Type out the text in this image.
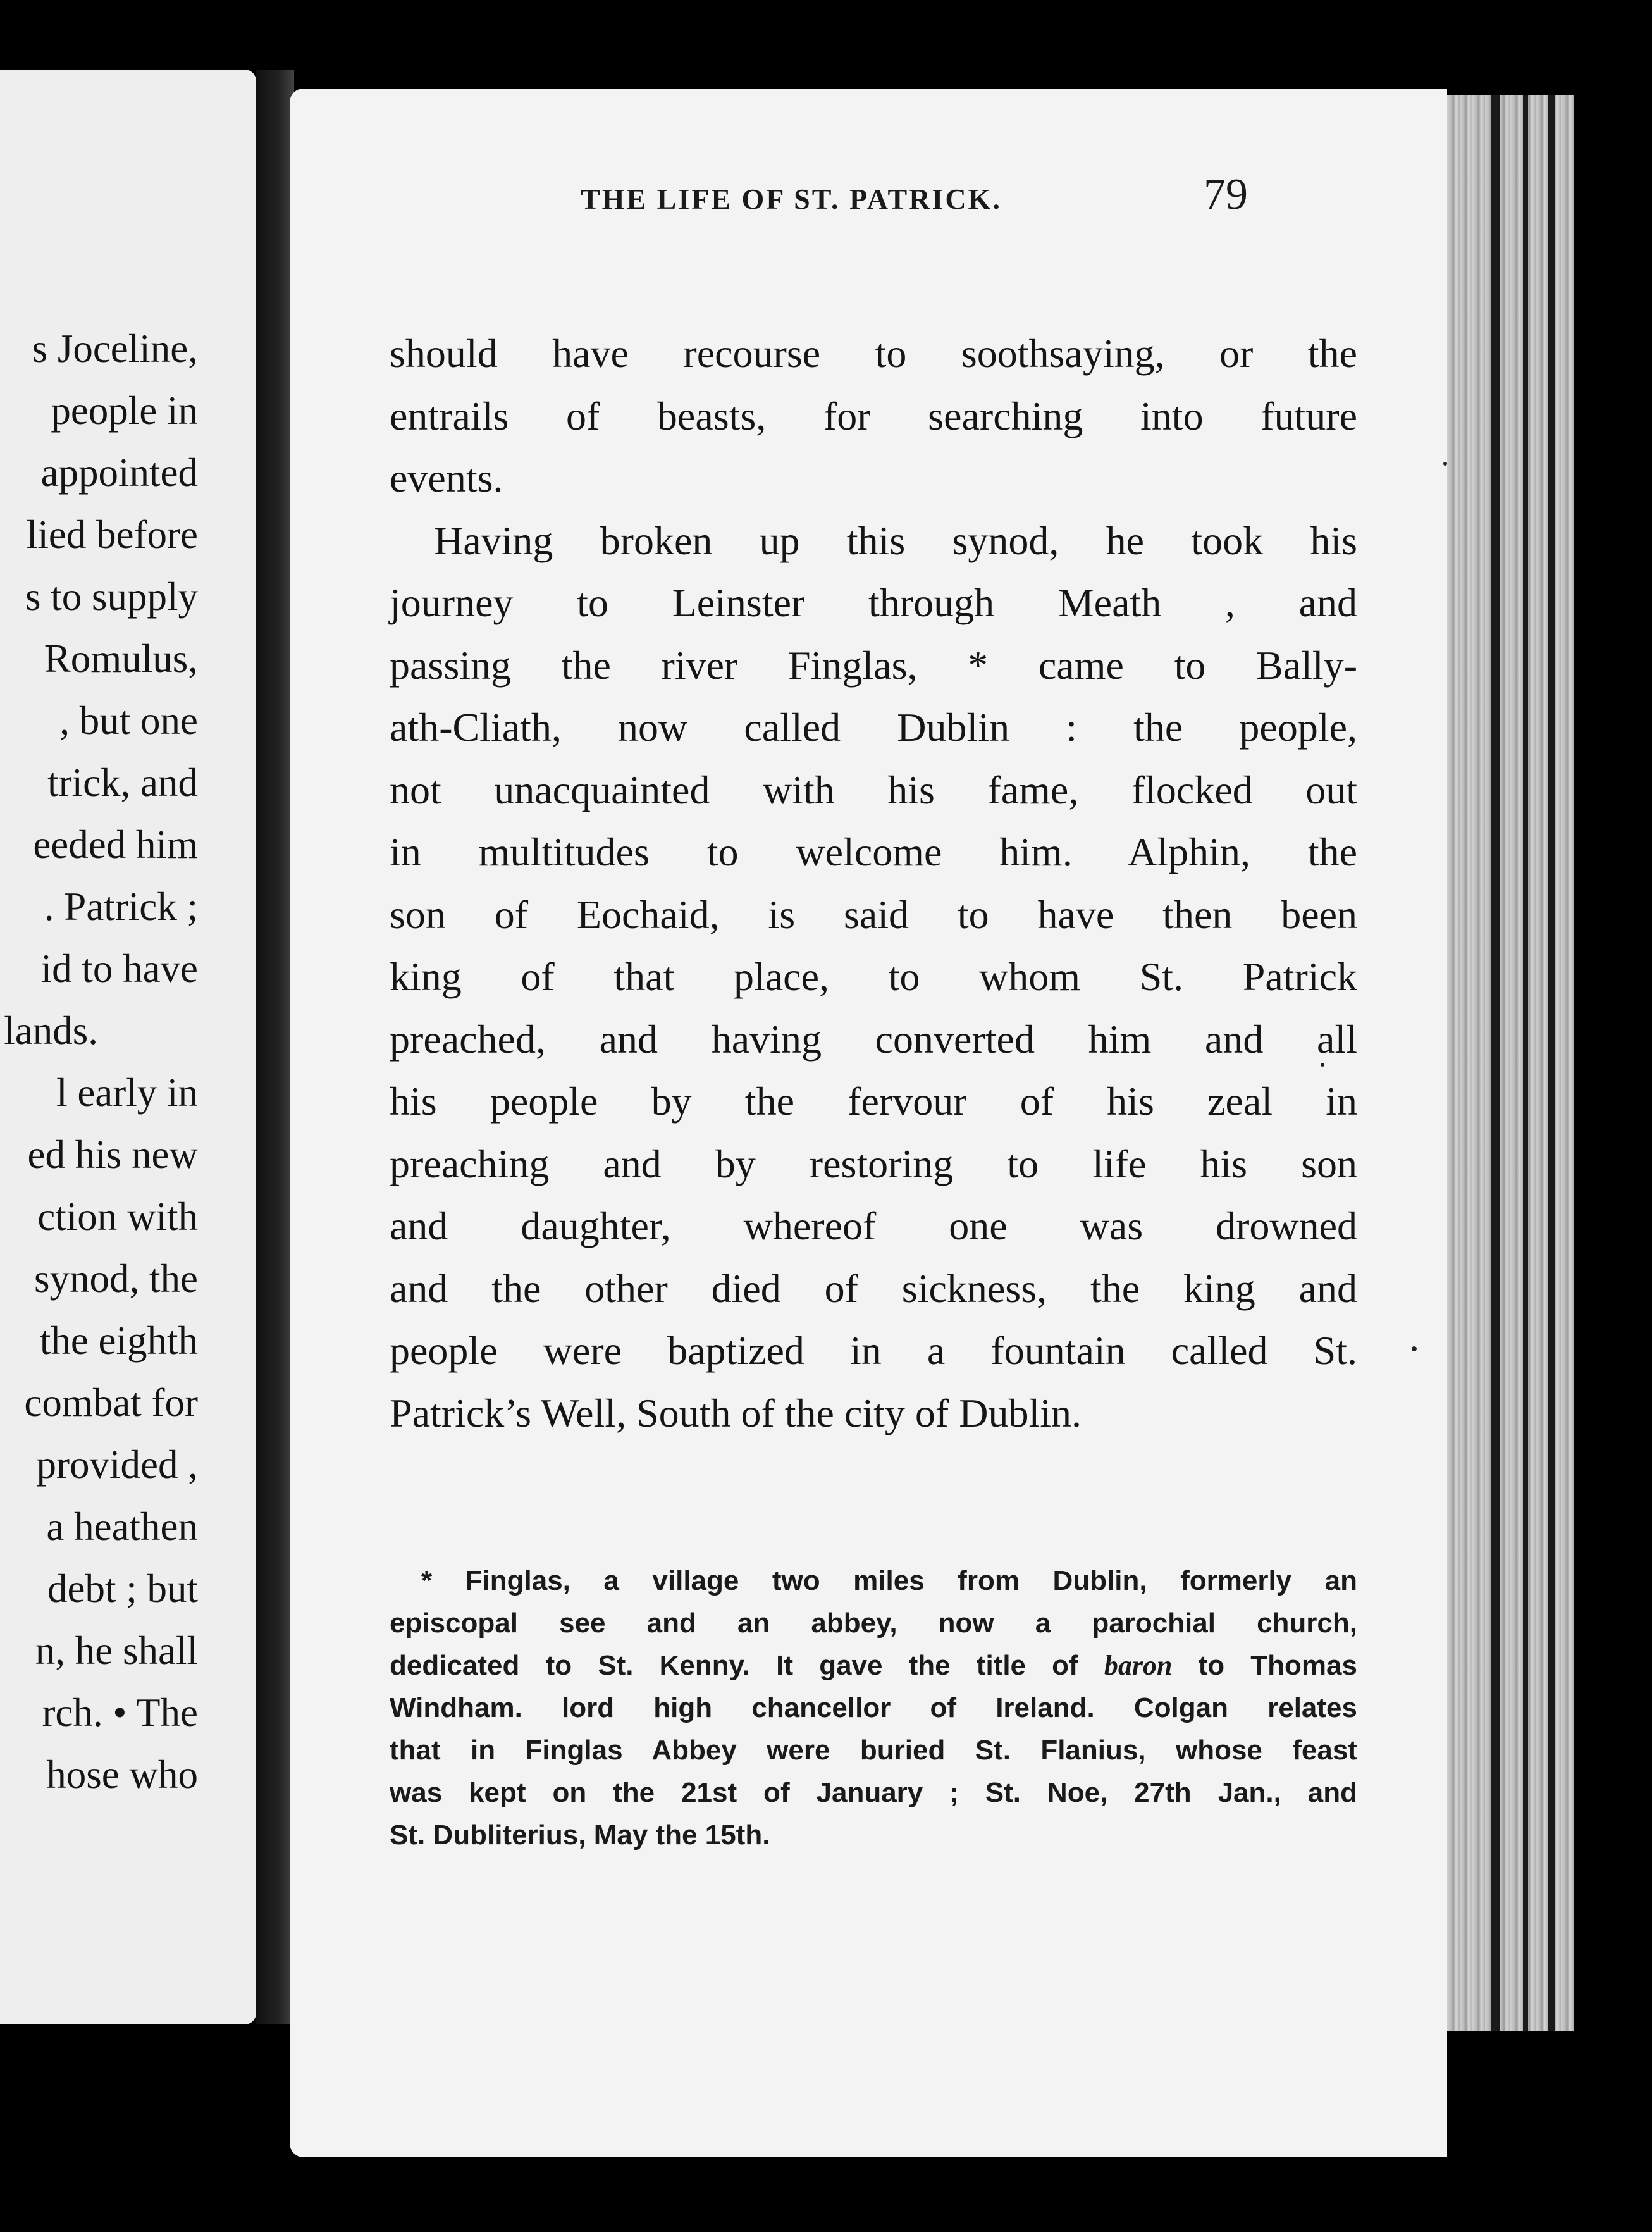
s Joceline,
people in
appointed
lied before
s to supply
Romulus,
, but one
trick, and
eeded him
. Patrick ;
id to have
lands.
l early in
ed his new
ction with
synod, the
the eighth
combat for
provided ,
a heathen
debt ; but
n, he shall
rch. • The
hose who
THE LIFE OF ST. PATRICK.	79
should have recourse to soothsaying, or the
entrails of beasts, for searching into future
events.
Having broken up this synod, he took his
journey to Leinster through Meath , and
passing the river Finglas, * came to Bally-
ath-Cliath, now called Dublin : the people,
not unacquainted with his fame, flocked out
in multitudes to welcome him. Alphin, the
son of Eochaid, is said to have then been
king of that place, to whom St. Patrick
preached, and having converted him and all
his people by the fervour of his zeal in
preaching and by restoring to life his son
and daughter, whereof one was drowned
and the other died of sickness, the king and
people were baptized in a fountain called St.
Patrick’s Well, South of the city of Dublin.
* Finglas, a village two miles from Dublin, formerly an
episcopal see and an abbey, now a parochial church,
dedicated to St. Kenny. It gave the title of baron to Thomas
Windham. lord high chancellor of Ireland. Colgan relates
that in Finglas Abbey were buried St. Flanius, whose feast
was kept on the 21st of January ; St. Noe, 27th Jan., and
St. Dubliterius, May the 15th.
